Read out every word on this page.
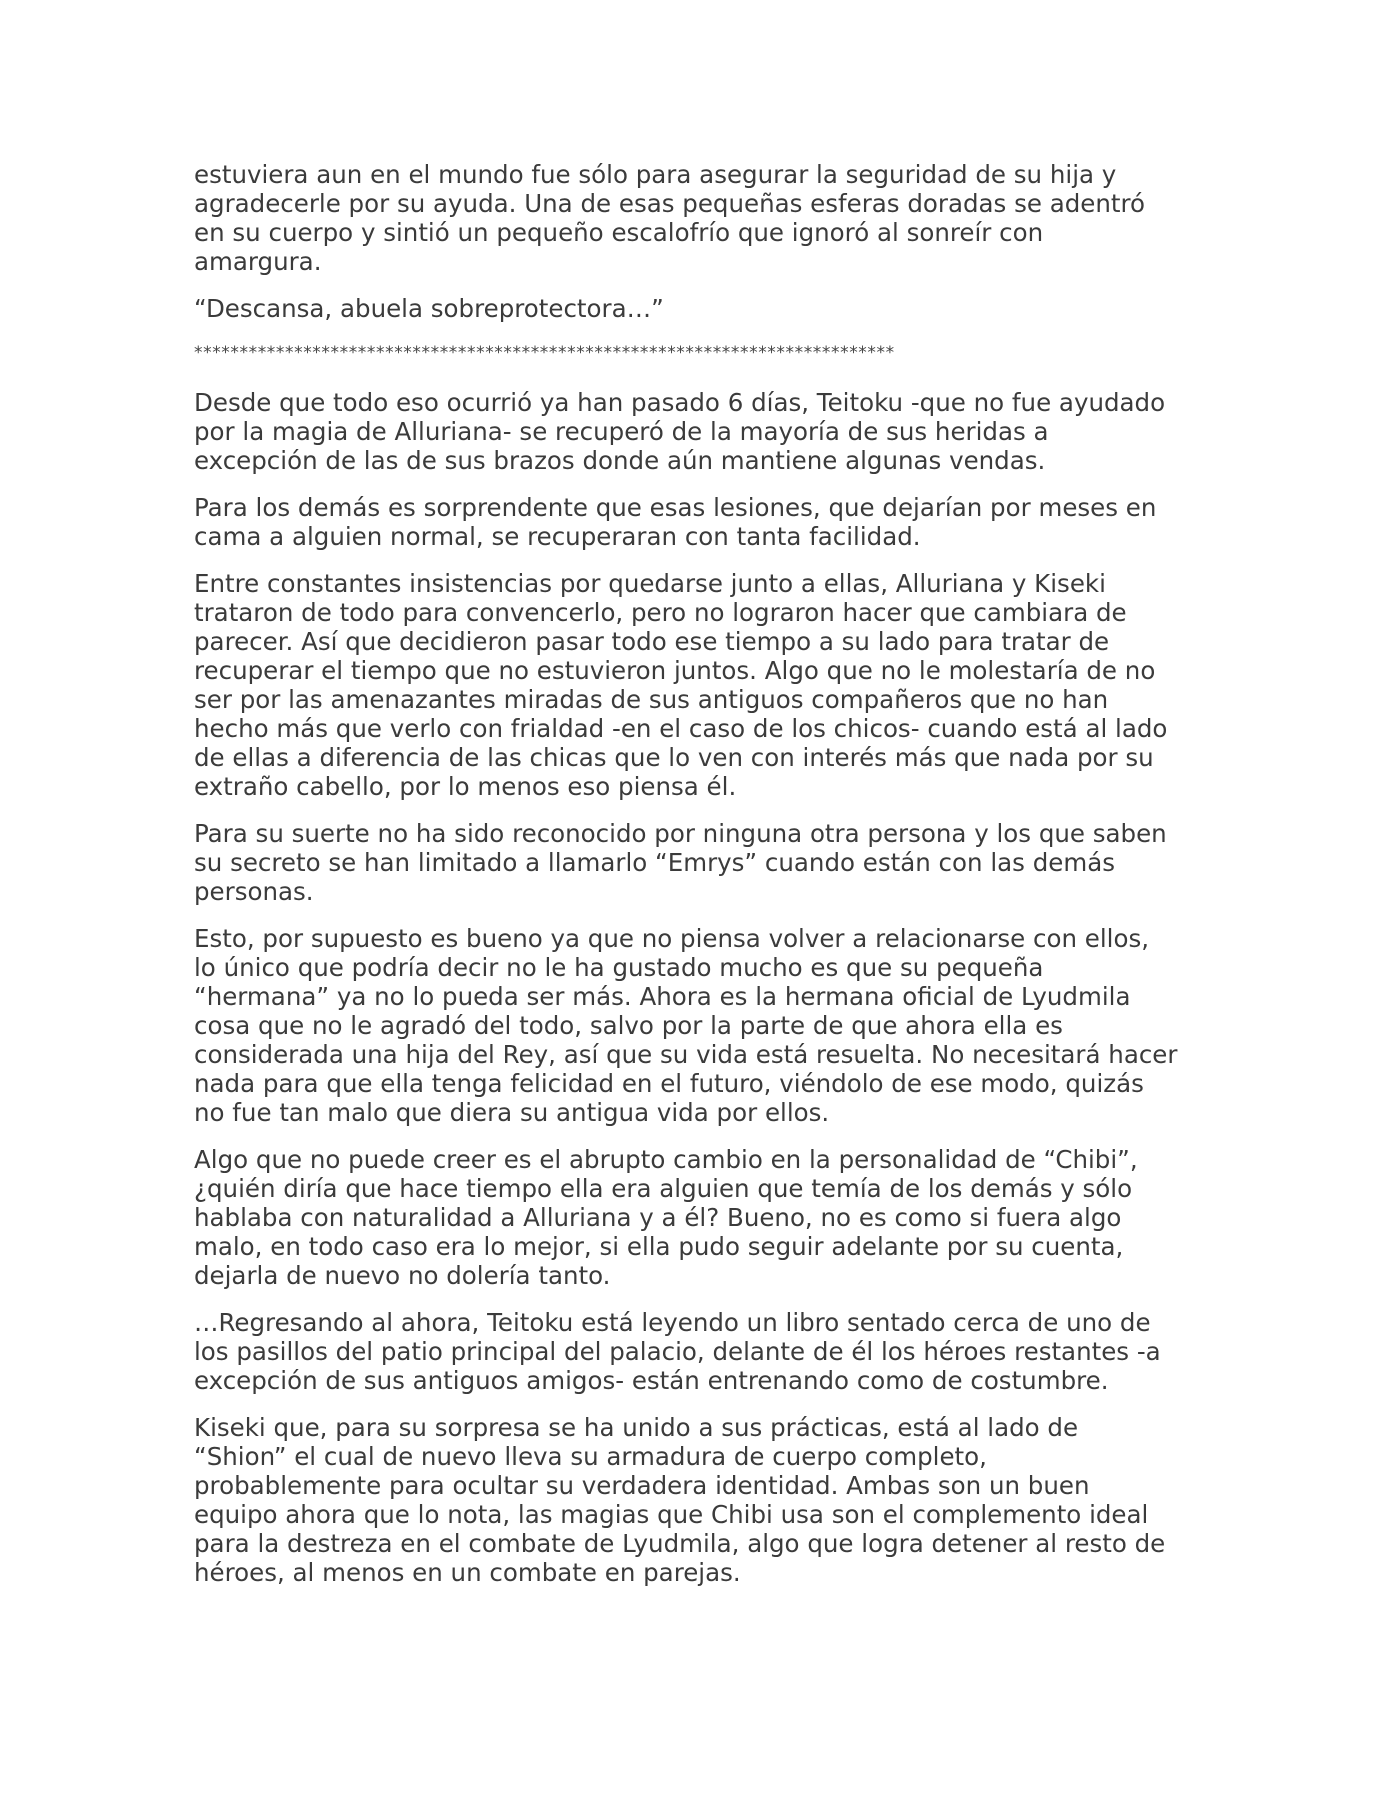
estuviera aun en el mundo fue sólo para asegurar la seguridad de su hija y
agradecerle por su ayuda. Una de esas pequeñas esferas doradas se adentró
en su cuerpo y sintió un pequeño escalofrío que ignoró al sonreír con
amargura.

“Descansa, abuela sobreprotectora…”

*****************************************************************************

Desde que todo eso ocurrió ya han pasado 6 días, Teitoku -que no fue ayudado
por la magia de Alluriana- se recuperó de la mayoría de sus heridas a
excepción de las de sus brazos donde aún mantiene algunas vendas.

Para los demás es sorprendente que esas lesiones, que dejarían por meses en
cama a alguien normal, se recuperaran con tanta facilidad.

Entre constantes insistencias por quedarse junto a ellas, Alluriana y Kiseki
trataron de todo para convencerlo, pero no lograron hacer que cambiara de
parecer. Así que decidieron pasar todo ese tiempo a su lado para tratar de
recuperar el tiempo que no estuvieron juntos. Algo que no le molestaría de no
ser por las amenazantes miradas de sus antiguos compañeros que no han
hecho más que verlo con frialdad -en el caso de los chicos- cuando está al lado
de ellas a diferencia de las chicas que lo ven con interés más que nada por su
extraño cabello, por lo menos eso piensa él.

Para su suerte no ha sido reconocido por ninguna otra persona y los que saben
su secreto se han limitado a llamarlo “Emrys” cuando están con las demás
personas.

Esto, por supuesto es bueno ya que no piensa volver a relacionarse con ellos,
lo único que podría decir no le ha gustado mucho es que su pequeña
“hermana” ya no lo pueda ser más. Ahora es la hermana oficial de Lyudmila
cosa que no le agradó del todo, salvo por la parte de que ahora ella es
considerada una hija del Rey, así que su vida está resuelta. No necesitará hacer
nada para que ella tenga felicidad en el futuro, viéndolo de ese modo, quizás
no fue tan malo que diera su antigua vida por ellos.

Algo que no puede creer es el abrupto cambio en la personalidad de “Chibi”,
¿quién diría que hace tiempo ella era alguien que temía de los demás y sólo
hablaba con naturalidad a Alluriana y a él? Bueno, no es como si fuera algo
malo, en todo caso era lo mejor, si ella pudo seguir adelante por su cuenta,
dejarla de nuevo no dolería tanto.

…Regresando al ahora, Teitoku está leyendo un libro sentado cerca de uno de
los pasillos del patio principal del palacio, delante de él los héroes restantes -a
excepción de sus antiguos amigos- están entrenando como de costumbre.

Kiseki que, para su sorpresa se ha unido a sus prácticas, está al lado de
“Shion” el cual de nuevo lleva su armadura de cuerpo completo,
probablemente para ocultar su verdadera identidad. Ambas son un buen
equipo ahora que lo nota, las magias que Chibi usa son el complemento ideal
para la destreza en el combate de Lyudmila, algo que logra detener al resto de
héroes, al menos en un combate en parejas.
